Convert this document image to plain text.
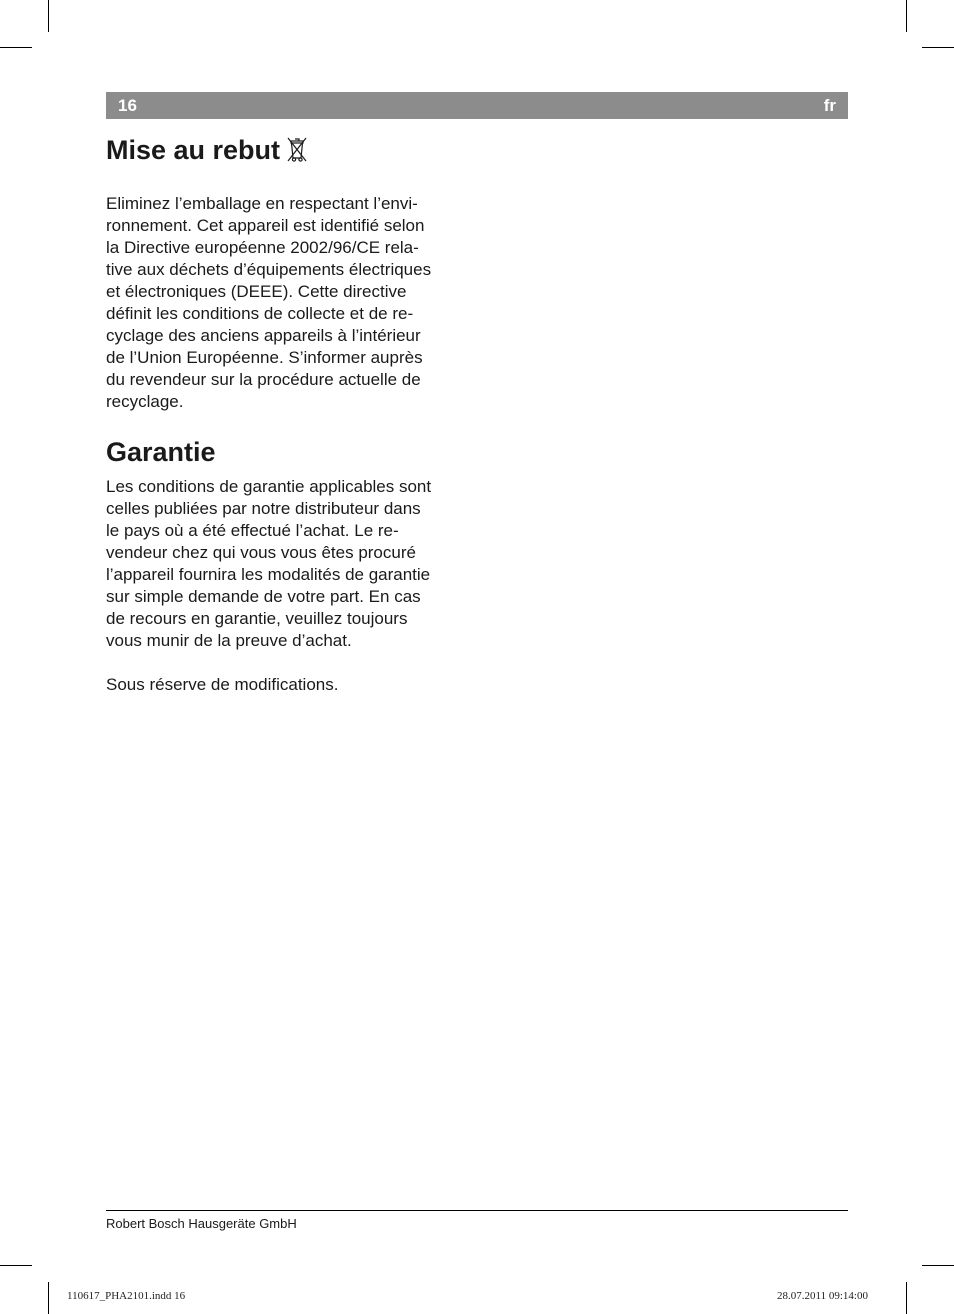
16	fr
Mise au rebut

Eliminez l’emballage en respectant l’envi-
ronnement. Cet appareil est identifié selon
la Directive européenne 2002/96/CE rela-
tive aux déchets d’équipements électriques
et électroniques (DEEE). Cette directive
définit les conditions de collecte et de re-
cyclage des anciens appareils à l’intérieur
de l’Union Européenne. S’informer auprès
du revendeur sur la procédure actuelle de
recyclage.

Garantie

Les conditions de garantie applicables sont
celles publiées par notre distributeur dans
le pays où a été effectué l’achat. Le re-
vendeur chez qui vous vous êtes procuré
l’appareil fournira les modalités de garantie
sur simple demande de votre part. En cas
de recours en garantie, veuillez toujours
vous munir de la preuve d’achat.

Sous réserve de modifications.

Robert Bosch Hausgeräte GmbH
110617_PHA2101.indd 16	28.07.2011 09:14:00
